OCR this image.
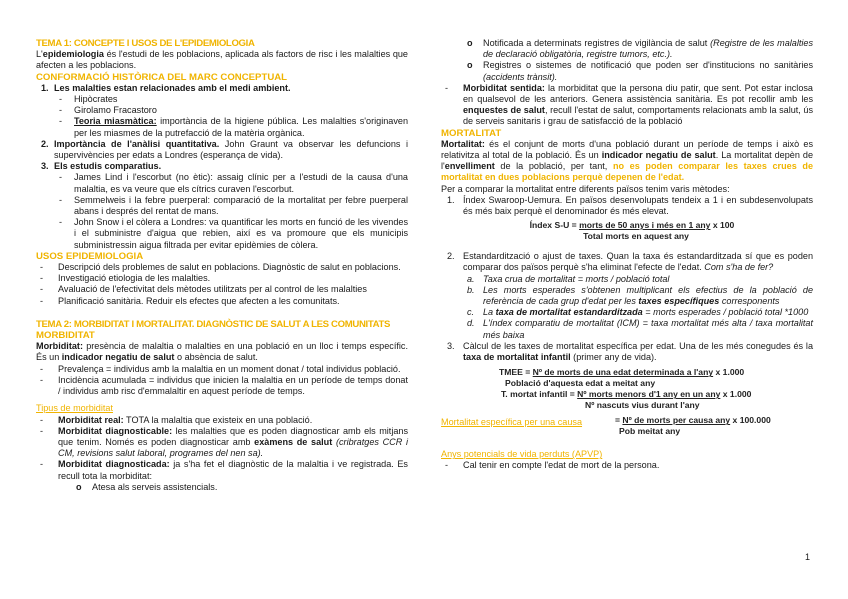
TEMA 1: CONCEPTE I USOS DE L'EPIDEMIOLOGIA

L'epidemiologia és l'estudi de les poblacions, aplicada als factors de risc i les malalties que afecten a les poblacions.

CONFORMACIÓ HISTÒRICA DEL MARC CONCEPTUAL

1. Les malalties estan relacionades amb el medi ambient.
- Hipòcrates
- Girolamo Fracastoro
- Teoria miasmàtica: importància de la higiene pública. Les malalties s'originaven per les miasmes de la putrefacció de la matèria orgànica.
2. Importància de l'anàlisi quantitativa. John Graunt va observar les defuncions i supervivències per edats a Londres (esperança de vida).
3. Els estudis comparatius.
- James Lind i l'escorbut (no ètic): assaig clínic per a l'estudi de la causa d'una malaltia, es va veure que els cítrics curaven l'escorbut.
- Semmelweis i la febre puerperal: comparació de la mortalitat per febre puerperal abans i després del rentat de mans.
- John Snow i el còlera a Londres: va quantificar les morts en funció de les vivendes i el subministre d'aigua que rebien, així es va promoure que els municipis subministressin aigua filtrada per evitar epidèmies de còlera.

USOS EPIDEMIOLOGIA

- Descripció dels problemes de salut en poblacions. Diagnòstic de salut en poblacions.
- Investigació etiologia de les malalties.
- Avaluació de l'efectivitat dels mètodes utilitzats per al control de les malalties
- Planificació sanitària. Reduir els efectes que afecten a les comunitats.

TEMA 2: MORBIDITAT I MORTALITAT. DIAGNÒSTIC DE SALUT A LES COMUNITATS

MORBIDITAT

Morbiditat: presència de malaltia o malalties en una població en un lloc i temps específic. És un indicador negatiu de salut o absència de salut.

- Prevalença = individus amb la malaltia en un moment donat / total individus població.
- Incidència acumulada = individus que inicien la malaltia en un període de temps donat / individus amb risc d'emmalaltir en aquest període de temps.

Tipus de morbiditat

- Morbiditat real: TOTA la malaltia que existeix en una població.
- Morbiditat diagnosticable: les malalties que es poden diagnosticar amb els mitjans que tenim. Només es poden diagnosticar amb exàmens de salut (cribratges CCR i CM, revisions salut laboral, programes del nen sa).
- Morbiditat diagnosticada: ja s'ha fet el diagnòstic de la malaltia i ve registrada. Es recull tota la morbiditat:
o Atesa als serveis assistencials.
o Notificada a determinats registres de vigilància de salut (Registre de les malalties de declaració obligatòria, registre tumors, etc.).
o Registres o sistemes de notificació que poden ser d'institucions no sanitàries (accidents trànsit).
- Morbiditat sentida: la morbiditat que la persona diu patir, que sent. Pot estar inclosa en qualsevol de les anteriors. Genera assistència sanitària. Es pot recollir amb les enquestes de salut, recull l'estat de salut, comportaments relacionats amb la salut, ús de serveis sanitaris i grau de satisfacció de la població

MORTALITAT

Mortalitat: és el conjunt de morts d'una població durant un període de temps i això es relativitza al total de la població. És un indicador negatiu de salut. La mortalitat depèn de l'envelliment de la població, per tant, no es poden comparar les taxes crues de mortalitat en dues poblacions perquè depenen de l'edat.

Per a comparar la mortalitat entre diferents països tenim varis mètodes:

1. Índex Swaroop-Uemura. En països desenvolupats tendeix a 1 i en subdesenvolupats és més baix perquè el denominador és més elevat.
Índex S-U = morts de 50 anys i més en 1 any x 100
Total morts en aquest any
2. Estandardització o ajust de taxes. Quan la taxa és estandarditzada sí que es poden comparar dos països perquè s'ha eliminat l'efecte de l'edat. Com s'ha de fer?
a. Taxa crua de mortalitat = morts / població total
b. Les morts esperades s'obtenen multiplicant els efectius de la població de referència de cada grup d'edat per les taxes específiques corresponents
c. La taxa de mortalitat estandarditzada = morts esperades / població total *1000
d. L'índex comparatiu de mortalitat (ICM) = taxa mortalitat més alta / taxa mortalitat més baixa
3. Càlcul de les taxes de mortalitat específica per edat. Una de les més conegudes és la taxa de mortalitat infantil (primer any de vida).
TMEE = Nº de morts de una edat determinada a l'any x 1.000
Població d'aquesta edat a meitat any
T. mortat infantil = Nº morts menors d'1 any en un any x 1.000
Nº nascuts vius durant l'any
Mortalitat específica per una causa	= Nº de morts per causa any x 100.000
Pob meitat any

Anys potencials de vida perduts (APVP)

- Cal tenir en compte l'edat de mort de la persona.
1
